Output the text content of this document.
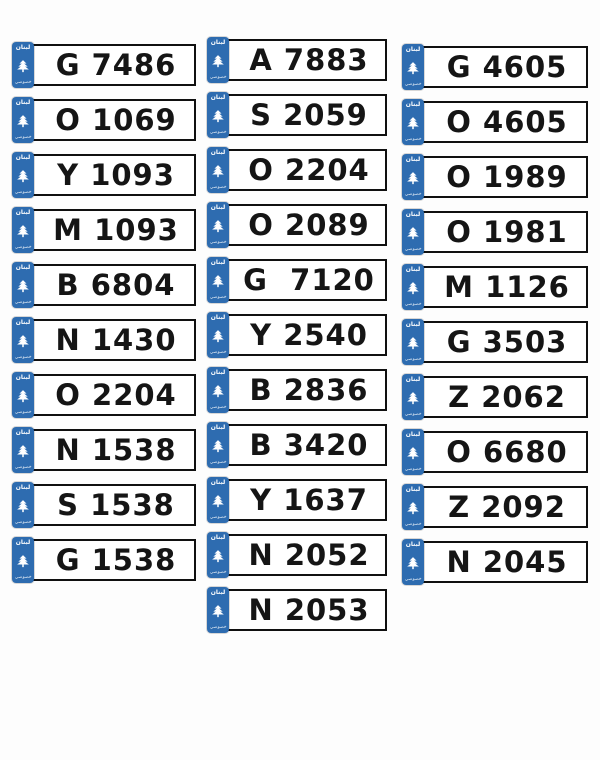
G 7486
لبنان
خصوصي
O 1069
لبنان
خصوصي
Y 1093
لبنان
خصوصي
M 1093
لبنان
خصوصي
B 6804
لبنان
خصوصي
N 1430
لبنان
خصوصي
O 2204
لبنان
خصوصي
N 1538
لبنان
خصوصي
S 1538
لبنان
خصوصي
G 1538
لبنان
خصوصي
A 7883
لبنان
خصوصي
S 2059
لبنان
خصوصي
O 2204
لبنان
خصوصي
O 2089
لبنان
خصوصي
G  7120
لبنان
خصوصي
Y 2540
لبنان
خصوصي
B 2836
لبنان
خصوصي
B 3420
لبنان
خصوصي
Y 1637
لبنان
خصوصي
N 2052
لبنان
خصوصي
N 2053
لبنان
خصوصي
G 4605
لبنان
خصوصي
O 4605
لبنان
خصوصي
O 1989
لبنان
خصوصي
O 1981
لبنان
خصوصي
M 1126
لبنان
خصوصي
G 3503
لبنان
خصوصي
Z 2062
لبنان
خصوصي
O 6680
لبنان
خصوصي
Z 2092
لبنان
خصوصي
N 2045
لبنان
خصوصي
